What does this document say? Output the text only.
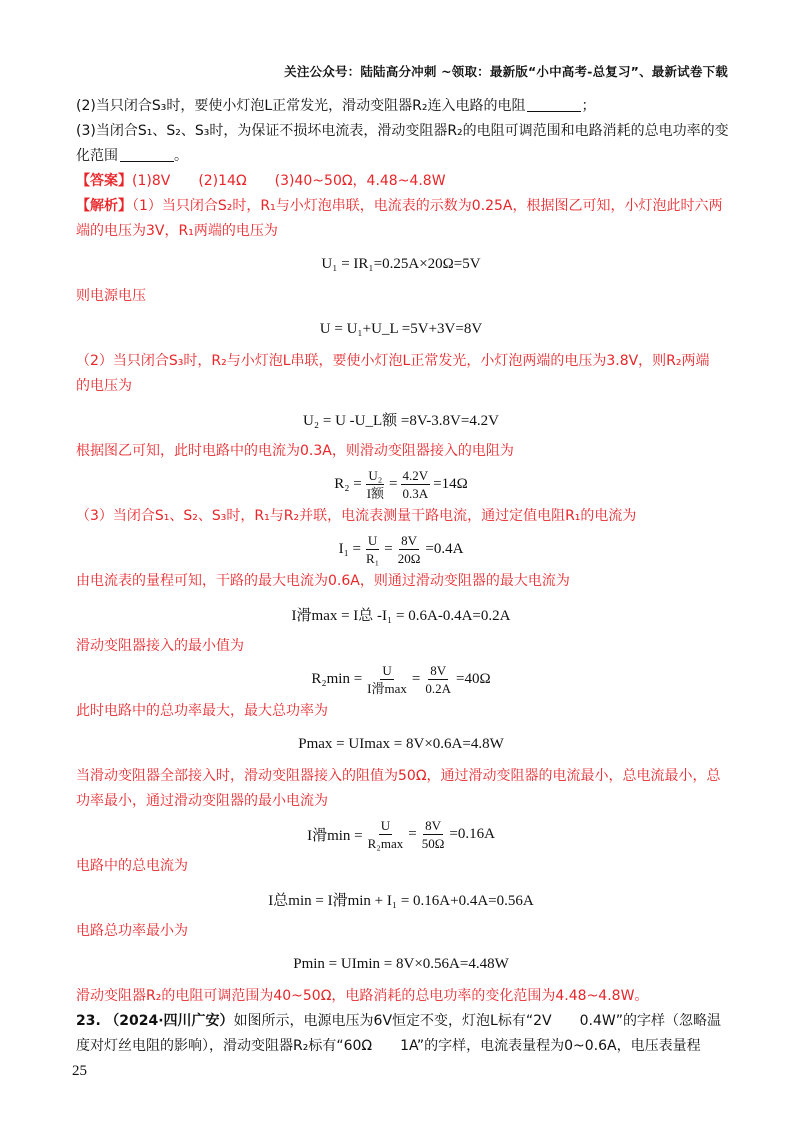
关注公众号：陆陆高分冲刺 ~领取：最新版“小中高考-总复习”、最新试卷下载
(2)当只闭合S₃时，要使小灯泡L正常发光，滑动变阻器R₂连入电路的电阻	；
(3)当闭合S₁、S₂、S₃时，为保证不损坏电流表，滑动变阻器R₂的电阻可调范围和电路消耗的总电功率的变
化范围	。
【答案】(1)8V　　(2)14Ω　　(3)40~50Ω，4.48~4.8W
【解析】（1）当只闭合S₂时，R₁与小灯泡串联，电流表的示数为0.25A，根据图乙可知，小灯泡此时六两
端的电压为3V，R₁两端的电压为
U₁ = IR₁ =0.25A×20Ω=5V
则电源电压
U = U₁+U_L =5V+3V=8V
（2）当只闭合S₃时，R₂与小灯泡L串联，要使小灯泡L正常发光，小灯泡两端的电压为3.8V，则R₂两端
的电压为
U₂ = U -U_L额 =8V-3.8V=4.2V
根据图乙可知，此时电路中的电流为0.3A，则滑动变阻器接入的电阻为
$R_2 = \frac{\text{U₂}}{\text{I额}} = \frac{4.2V}{0.3A} =14\Omega$
（3）当闭合S₁、S₂、S₃时，R₁与R₂并联，电流表测量干路电流，通过定值电阻R₁的电流为
$I_1 = \frac{U}{\text{R₁}} = \frac{8V}{20\Omega} =0.4A$
由电流表的量程可知，干路的最大电流为0.6A，则通过滑动变阻器的最大电流为
I滑max = I总 -I₁ = 0.6A-0.4A=0.2A
滑动变阻器接入的最小值为
$R_2\min = \frac{U}{\text{I滑max}} = \frac{8V}{0.2A} =40\Omega$
此时电路中的总功率最大，最大总功率为
Pmax = UImax = 8V×0.6A=4.8W
当滑动变阻器全部接入时，滑动变阻器接入的阻值为50Ω，通过滑动变阻器的电流最小，总电流最小，总
功率最小，通过滑动变阻器的最小电流为
I滑$\min = \frac{U}{\text{R₂max}} = \frac{8V}{50\Omega} =0.16A$
电路中的总电流为
I总min = I滑min + I₁ = 0.16A+0.4A=0.56A
电路总功率最小为
Pmin = UImin = 8V×0.56A=4.48W
滑动变阻器R₂的电阻可调范围为40~50Ω，电路消耗的总电功率的变化范围为4.48~4.8W。
23. （2024·四川广安）如图所示，电源电压为6V恒定不变，灯泡L标有“2V　　0.4W”的字样（忽略温
度对灯丝电阻的影响），滑动变阻器R₂标有“60Ω　　1A”的字样，电流表量程为0~0.6A，电压表量程
25
